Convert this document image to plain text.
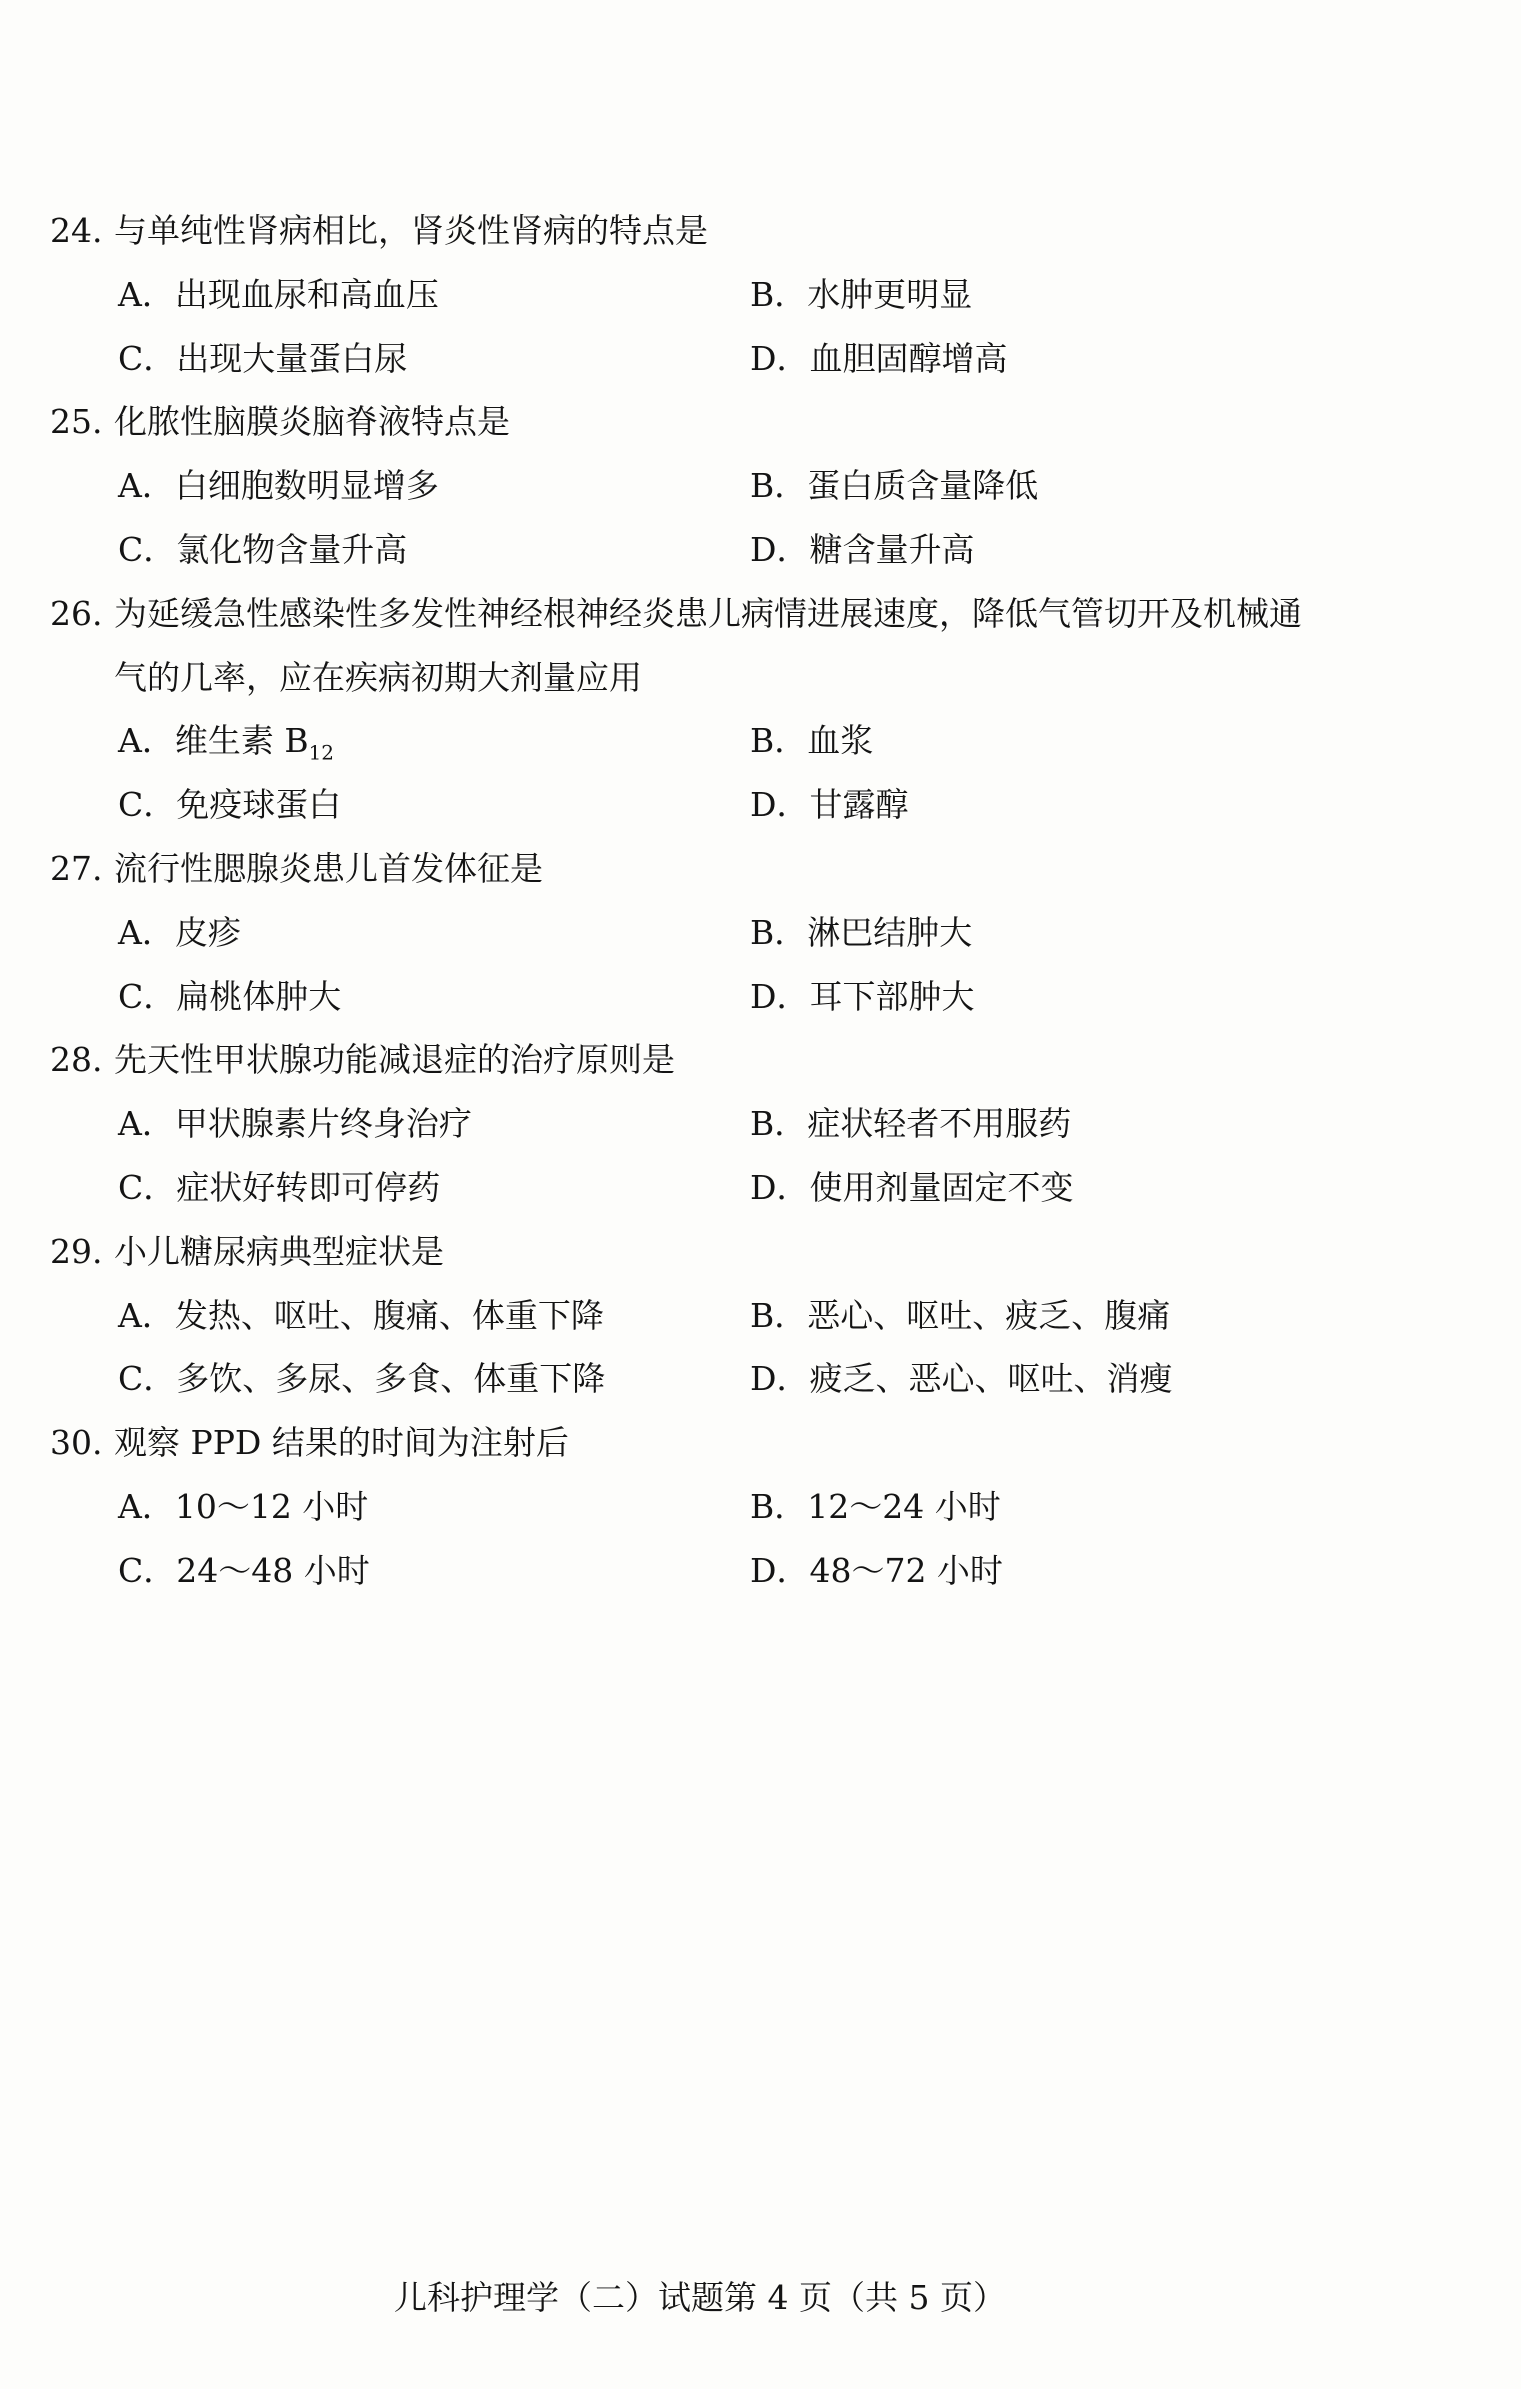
24. 与单纯性肾病相比，肾炎性肾病的特点是
A．出现血尿和高血压	B．水肿更明显
C．出现大量蛋白尿	D．血胆固醇增高
25. 化脓性脑膜炎脑脊液特点是
A．白细胞数明显增多	B．蛋白质含量降低
C．氯化物含量升高	D．糖含量升高
26. 为延缓急性感染性多发性神经根神经炎患儿病情进展速度，降低气管切开及机械通
气的几率，应在疾病初期大剂量应用
A．维生素 $B_{12}$	B．血浆
C．免疫球蛋白	D．甘露醇
27. 流行性腮腺炎患儿首发体征是
A．皮疹	B．淋巴结肿大
C．扁桃体肿大	D．耳下部肿大
28. 先天性甲状腺功能减退症的治疗原则是
A．甲状腺素片终身治疗	B．症状轻者不用服药
C．症状好转即可停药	D．使用剂量固定不变
29. 小儿糖尿病典型症状是
A．发热、呕吐、腹痛、体重下降	B．恶心、呕吐、疲乏、腹痛
C．多饮、多尿、多食、体重下降	D．疲乏、恶心、呕吐、消瘦
30. 观察 PPD 结果的时间为注射后
A．10～12 小时	B．12～24 小时
C．24～48 小时	D．48～72 小时
儿科护理学（二）试题第 4 页（共 5 页）
